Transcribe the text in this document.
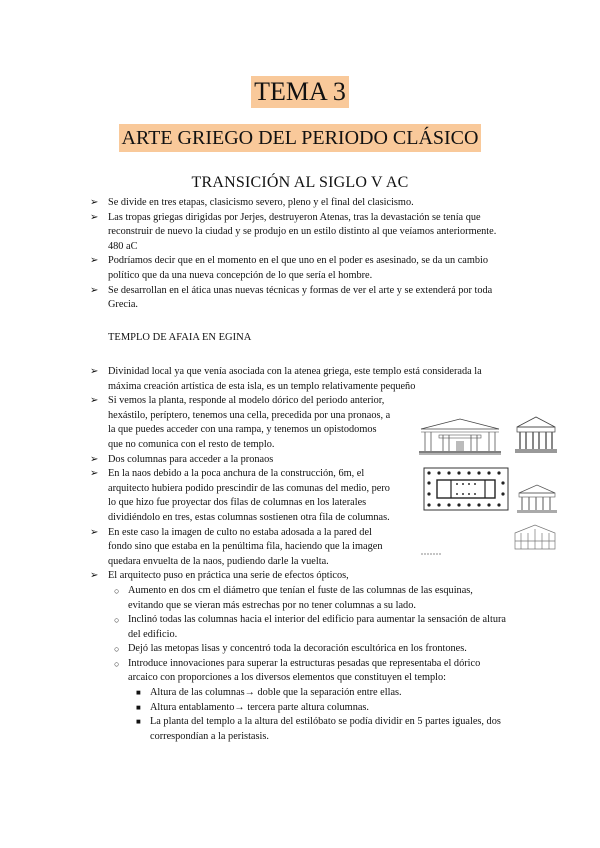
TEMA 3
ARTE GRIEGO DEL PERIODO CLÁSICO
TRANSICIÓN AL SIGLO V AC
➢ Se divide en tres etapas, clasicismo severo, pleno y el final del clasicismo.
➢ Las tropas griegas dirigidas por Jerjes, destruyeron Atenas, tras la devastación se tenía que reconstruir de nuevo la ciudad y se produjo en un estilo distinto al que veíamos anteriormente. 480 aC
➢ Podríamos decir que en el momento en el que uno en el poder es asesinado, se da un cambio político que da una nueva concepción de lo que sería el hombre.
➢ Se desarrollan en el ática unas nuevas técnicas y formas de ver el arte y se extenderá por toda Grecia.
TEMPLO DE AFAIA EN EGINA
➢ Divinidad local ya que venía asociada con la atenea griega, este templo está considerada la máxima creación artística de esta isla, es un templo relativamente pequeño
➢ Si vemos la planta, responde al modelo dórico del periodo anterior, hexástilo, períptero, tenemos una cella, precedida por una pronaos, a la que puedes acceder con una rampa, y tenemos un opistodomos que no comunica con el resto de templo.
➢ Dos columnas para acceder a la pronaos
➢ En la naos debido a la poca anchura de la construcción, 6m, el arquitecto hubiera podido prescindir de las comunas del medio, pero lo que hizo fue proyectar dos filas de columnas en los laterales dividiéndolo en tres, estas columnas sostienen otra fila de columnas.
➢ En este caso la imagen de culto no estaba adosada a la pared del fondo sino que estaba en la penúltima fila, haciendo que la imagen quedara envuelta de la naos, pudiendo darle la vuelta.
➢ El arquitecto puso en práctica una serie de efectos ópticos,
○ Aumento en dos cm el diámetro que tenían el fuste de las columnas de las esquinas, evitando que se vieran más estrechas por no tener columnas a su lado.
○ Inclinó todas las columnas hacia el interior del edificio para aumentar la sensación de altura del edificio.
○ Dejó las metopas lisas y concentró toda la decoración escultórica en los frontones.
○ Introduce innovaciones para superar la estructuras pesadas que representaba el dórico arcaico con proporciones a los diversos elementos que constituyen el templo:
■ Altura de las columnas→ doble que la separación entre ellas.
■ Altura entablamento→ tercera parte altura columnas.
■ La planta del templo a la altura del estilóbato se podía dividir en 5 partes iguales, dos correspondían a la peristasis.
